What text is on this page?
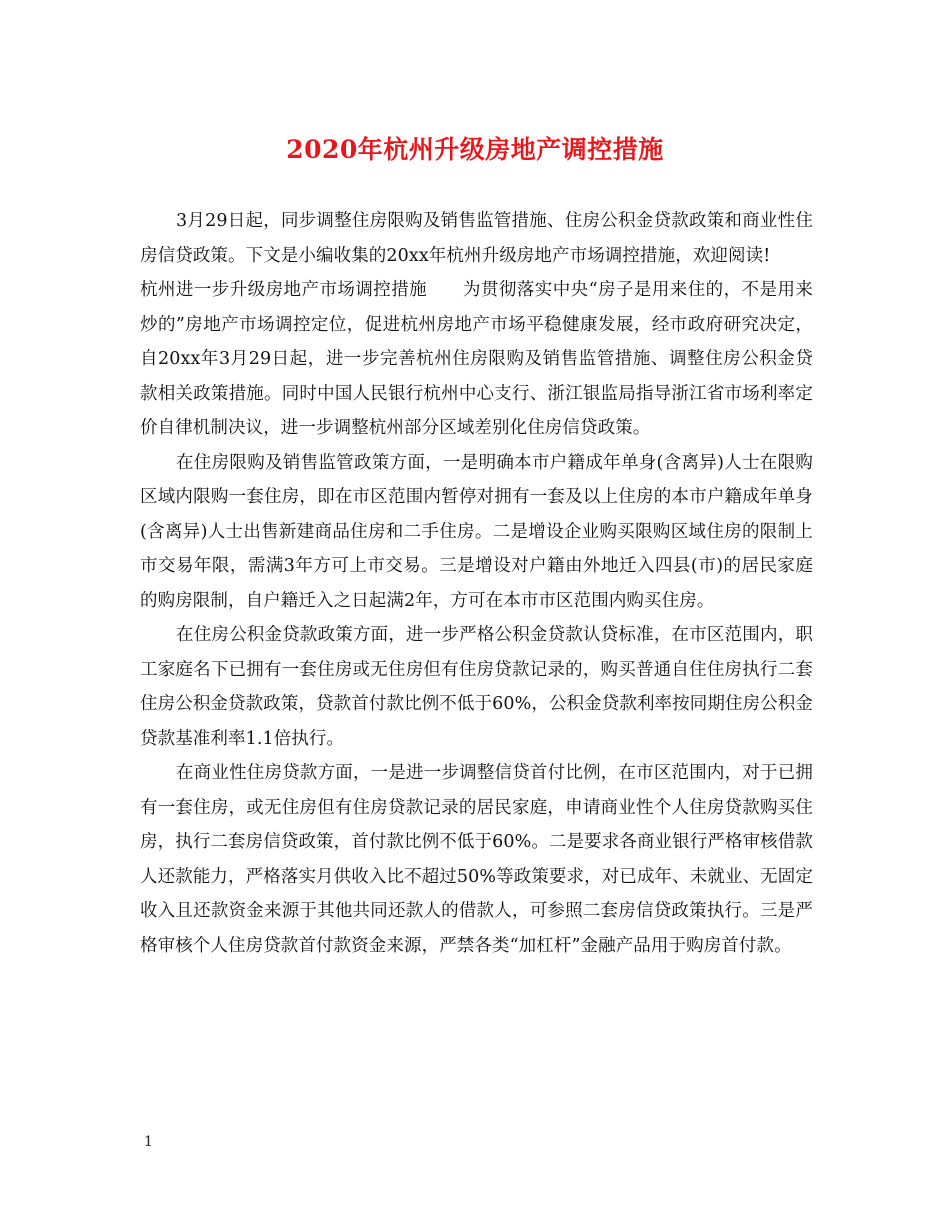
2020年杭州升级房地产调控措施

3月29日起，同步调整住房限购及销售监管措施、住房公积金贷款政策和商业性住房信贷政策。下文是小编收集的20xx年杭州升级房地产市场调控措施，欢迎阅读!

杭州进一步升级房地产市场调控措施　　为贯彻落实中央“房子是用来住的，不是用来炒的”房地产市场调控定位，促进杭州房地产市场平稳健康发展，经市政府研究决定，自20xx年3月29日起，进一步完善杭州住房限购及销售监管措施、调整住房公积金贷款相关政策措施。同时中国人民银行杭州中心支行、浙江银监局指导浙江省市场利率定价自律机制决议，进一步调整杭州部分区域差别化住房信贷政策。

在住房限购及销售监管政策方面，一是明确本市户籍成年单身(含离异)人士在限购区域内限购一套住房，即在市区范围内暂停对拥有一套及以上住房的本市户籍成年单身(含离异)人士出售新建商品住房和二手住房。二是增设企业购买限购区域住房的限制上市交易年限，需满3年方可上市交易。三是增设对户籍由外地迁入四县(市)的居民家庭的购房限制，自户籍迁入之日起满2年，方可在本市市区范围内购买住房。

在住房公积金贷款政策方面，进一步严格公积金贷款认贷标准，在市区范围内，职工家庭名下已拥有一套住房或无住房但有住房贷款记录的，购买普通自住住房执行二套住房公积金贷款政策，贷款首付款比例不低于60%，公积金贷款利率按同期住房公积金贷款基准利率1.1倍执行。

在商业性住房贷款方面，一是进一步调整信贷首付比例，在市区范围内，对于已拥有一套住房，或无住房但有住房贷款记录的居民家庭，申请商业性个人住房贷款购买住房，执行二套房信贷政策，首付款比例不低于60%。二是要求各商业银行严格审核借款人还款能力，严格落实月供收入比不超过50%等政策要求，对已成年、未就业、无固定收入且还款资金来源于其他共同还款人的借款人，可参照二套房信贷政策执行。三是严格审核个人住房贷款首付款资金来源，严禁各类“加杠杆”金融产品用于购房首付款。

1
